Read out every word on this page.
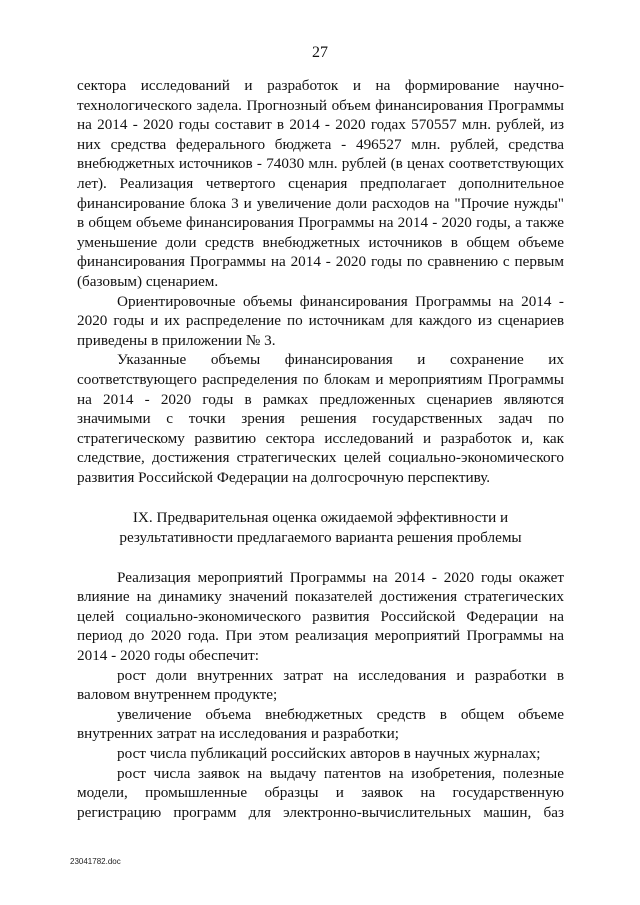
27

сектора исследований и разработок и на формирование научно-технологического задела. Прогнозный объем финансирования Программы на 2014 - 2020 годы составит в 2014 - 2020 годах 570557 млн. рублей, из них средства федерального бюджета - 496527 млн. рублей, средства внебюджетных источников - 74030 млн. рублей (в ценах соответствующих лет). Реализация четвертого сценария предполагает дополнительное финансирование блока 3 и увеличение доли расходов на "Прочие нужды" в общем объеме финансирования Программы на 2014 - 2020 годы, а также уменьшение доли средств внебюджетных источников в общем объеме финансирования Программы на 2014 - 2020 годы по сравнению с первым (базовым) сценарием.

Ориентировочные объемы финансирования Программы на 2014 - 2020 годы и их распределение по источникам для каждого из сценариев приведены в приложении № 3.

Указанные объемы финансирования и сохранение их соответствующего распределения по блокам и мероприятиям Программы на 2014 - 2020 годы в рамках предложенных сценариев являются значимыми с точки зрения решения государственных задач по стратегическому развитию сектора исследований и разработок и, как следствие, достижения стратегических целей социально-экономического развития Российской Федерации на долгосрочную перспективу.

IX. Предварительная оценка ожидаемой эффективности и
результативности предлагаемого варианта решения проблемы

Реализация мероприятий Программы на 2014 - 2020 годы окажет влияние на динамику значений показателей достижения стратегических целей социально-экономического развития Российской Федерации на период до 2020 года. При этом реализация мероприятий Программы на 2014 - 2020 годы обеспечит:

рост доли внутренних затрат на исследования и разработки в валовом внутреннем продукте;

увеличение объема внебюджетных средств в общем объеме внутренних затрат на исследования и разработки;

рост числа публикаций российских авторов в научных журналах;

рост числа заявок на выдачу патентов на изобретения, полезные модели, промышленные образцы и заявок на государственную регистрацию программ для электронно-вычислительных машин, баз

23041782.doc
